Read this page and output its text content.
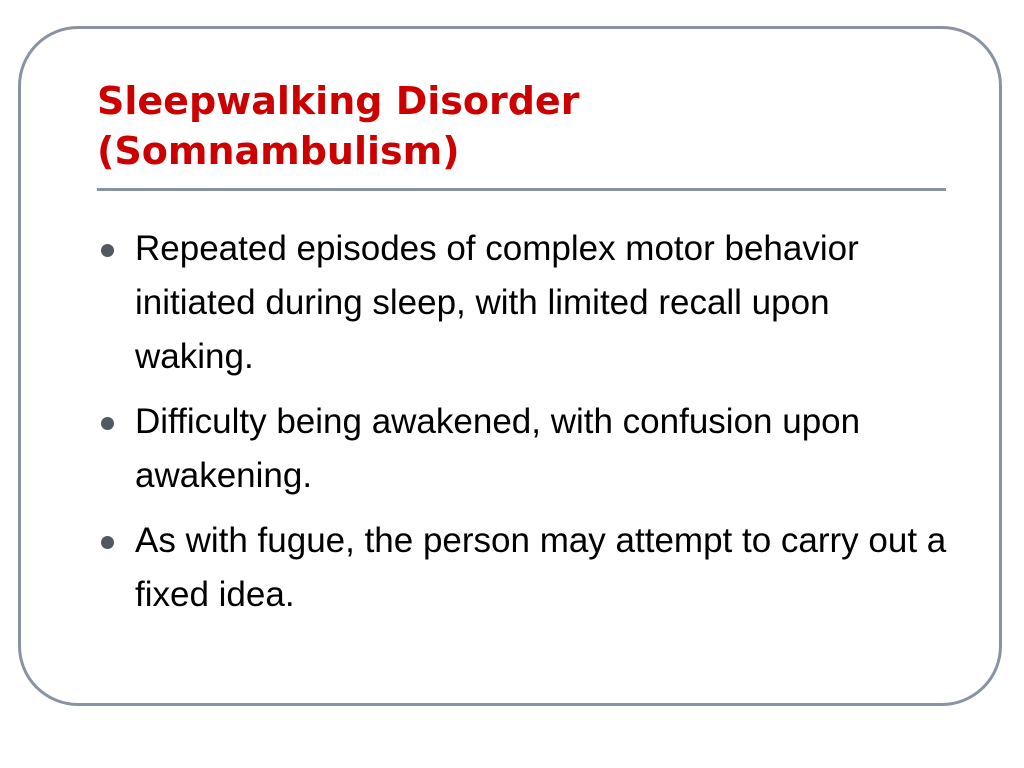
Sleepwalking Disorder
(Somnambulism)
Repeated episodes of complex motor behavior initiated during sleep, with limited recall upon waking.
Difficulty being awakened, with confusion upon awakening.
As with fugue, the person may attempt to carry out a fixed idea.
